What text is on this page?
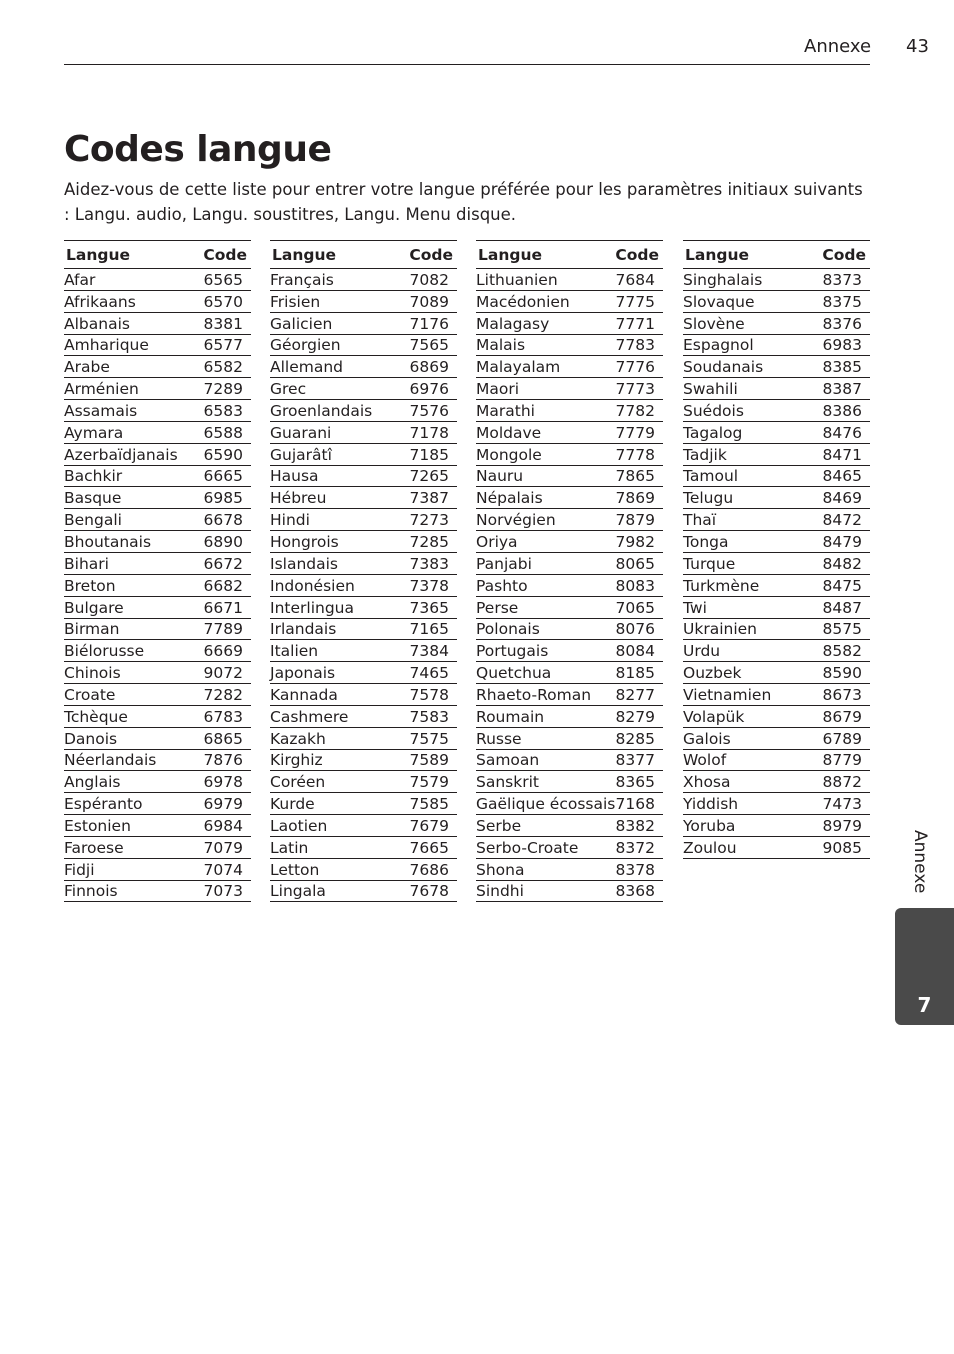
Annexe 43
Codes langue

Aidez-vous de cette liste pour entrer votre langue préférée pour les paramètres initiaux suivants : Langu. audio, Langu. soustitres, Langu. Menu disque.

Langue	Code
Afar	6565
Afrikaans	6570
Albanais	8381
Amharique	6577
Arabe	6582
Arménien	7289
Assamais	6583
Aymara	6588
Azerbaïdjanais 6590
Bachkir	6665
Basque	6985
Bengali	6678
Bhoutanais	6890
Bihari	6672
Breton	6682
Bulgare	6671
Birman	7789
Biélorusse	6669
Chinois	9072
Croate	7282
Tchèque	6783
Danois	6865
Néerlandais	7876
Anglais	6978
Espéranto	6979
Estonien	6984
Faroese	7079
Fidji	7074
Finnois	7073
Langue	Code
Français	7082
Frisien	7089
Galicien	7176
Géorgien	7565
Allemand	6869
Grec	6976
Groenlandais 7576
Guarani	7178
Gujarâtî	7185
Hausa	7265
Hébreu	7387
Hindi	7273
Hongrois	7285
Islandais	7383
Indonésien	7378
Interlingua	7365
Irlandais	7165
Italien	7384
Japonais	7465
Kannada	7578
Cashmere	7583
Kazakh	7575
Kirghiz	7589
Coréen	7579
Kurde	7585
Laotien	7679
Latin	7665
Letton	7686
Lingala	7678
Langue	Code
Lithuanien	7684
Macédonien	7775
Malagasy	7771
Malais	7783
Malayalam	7776
Maori	7773
Marathi	7782
Moldave	7779
Mongole	7778
Nauru	7865
Népalais	7869
Norvégien	7879
Oriya	7982
Panjabi	8065
Pashto	8083
Perse	7065
Polonais	8076
Portugais	8084
Quetchua	8185
Rhaeto-Roman 8277
Roumain	8279
Russe	8285
Samoan	8377
Sanskrit	8365
Gaëlique écossais 7168
Serbe	8382
Serbo-Croate 8372
Shona	8378
Sindhi	8368
Langue	Code
Singhalais	8373
Slovaque	8375
Slovène	8376
Espagnol	6983
Soudanais	8385
Swahili	8387
Suédois	8386
Tagalog	8476
Tadjik	8471
Tamoul	8465
Telugu	8469
Thaï	8472
Tonga	8479
Turque	8482
Turkmène	8475
Twi	8487
Ukrainien	8575
Urdu	8582
Ouzbek	8590
Vietnamien	8673
Volapük	8679
Galois	6789
Wolof	8779
Xhosa	8872
Yiddish	7473
Yoruba	8979
Zoulou	9085	Annexe
7
